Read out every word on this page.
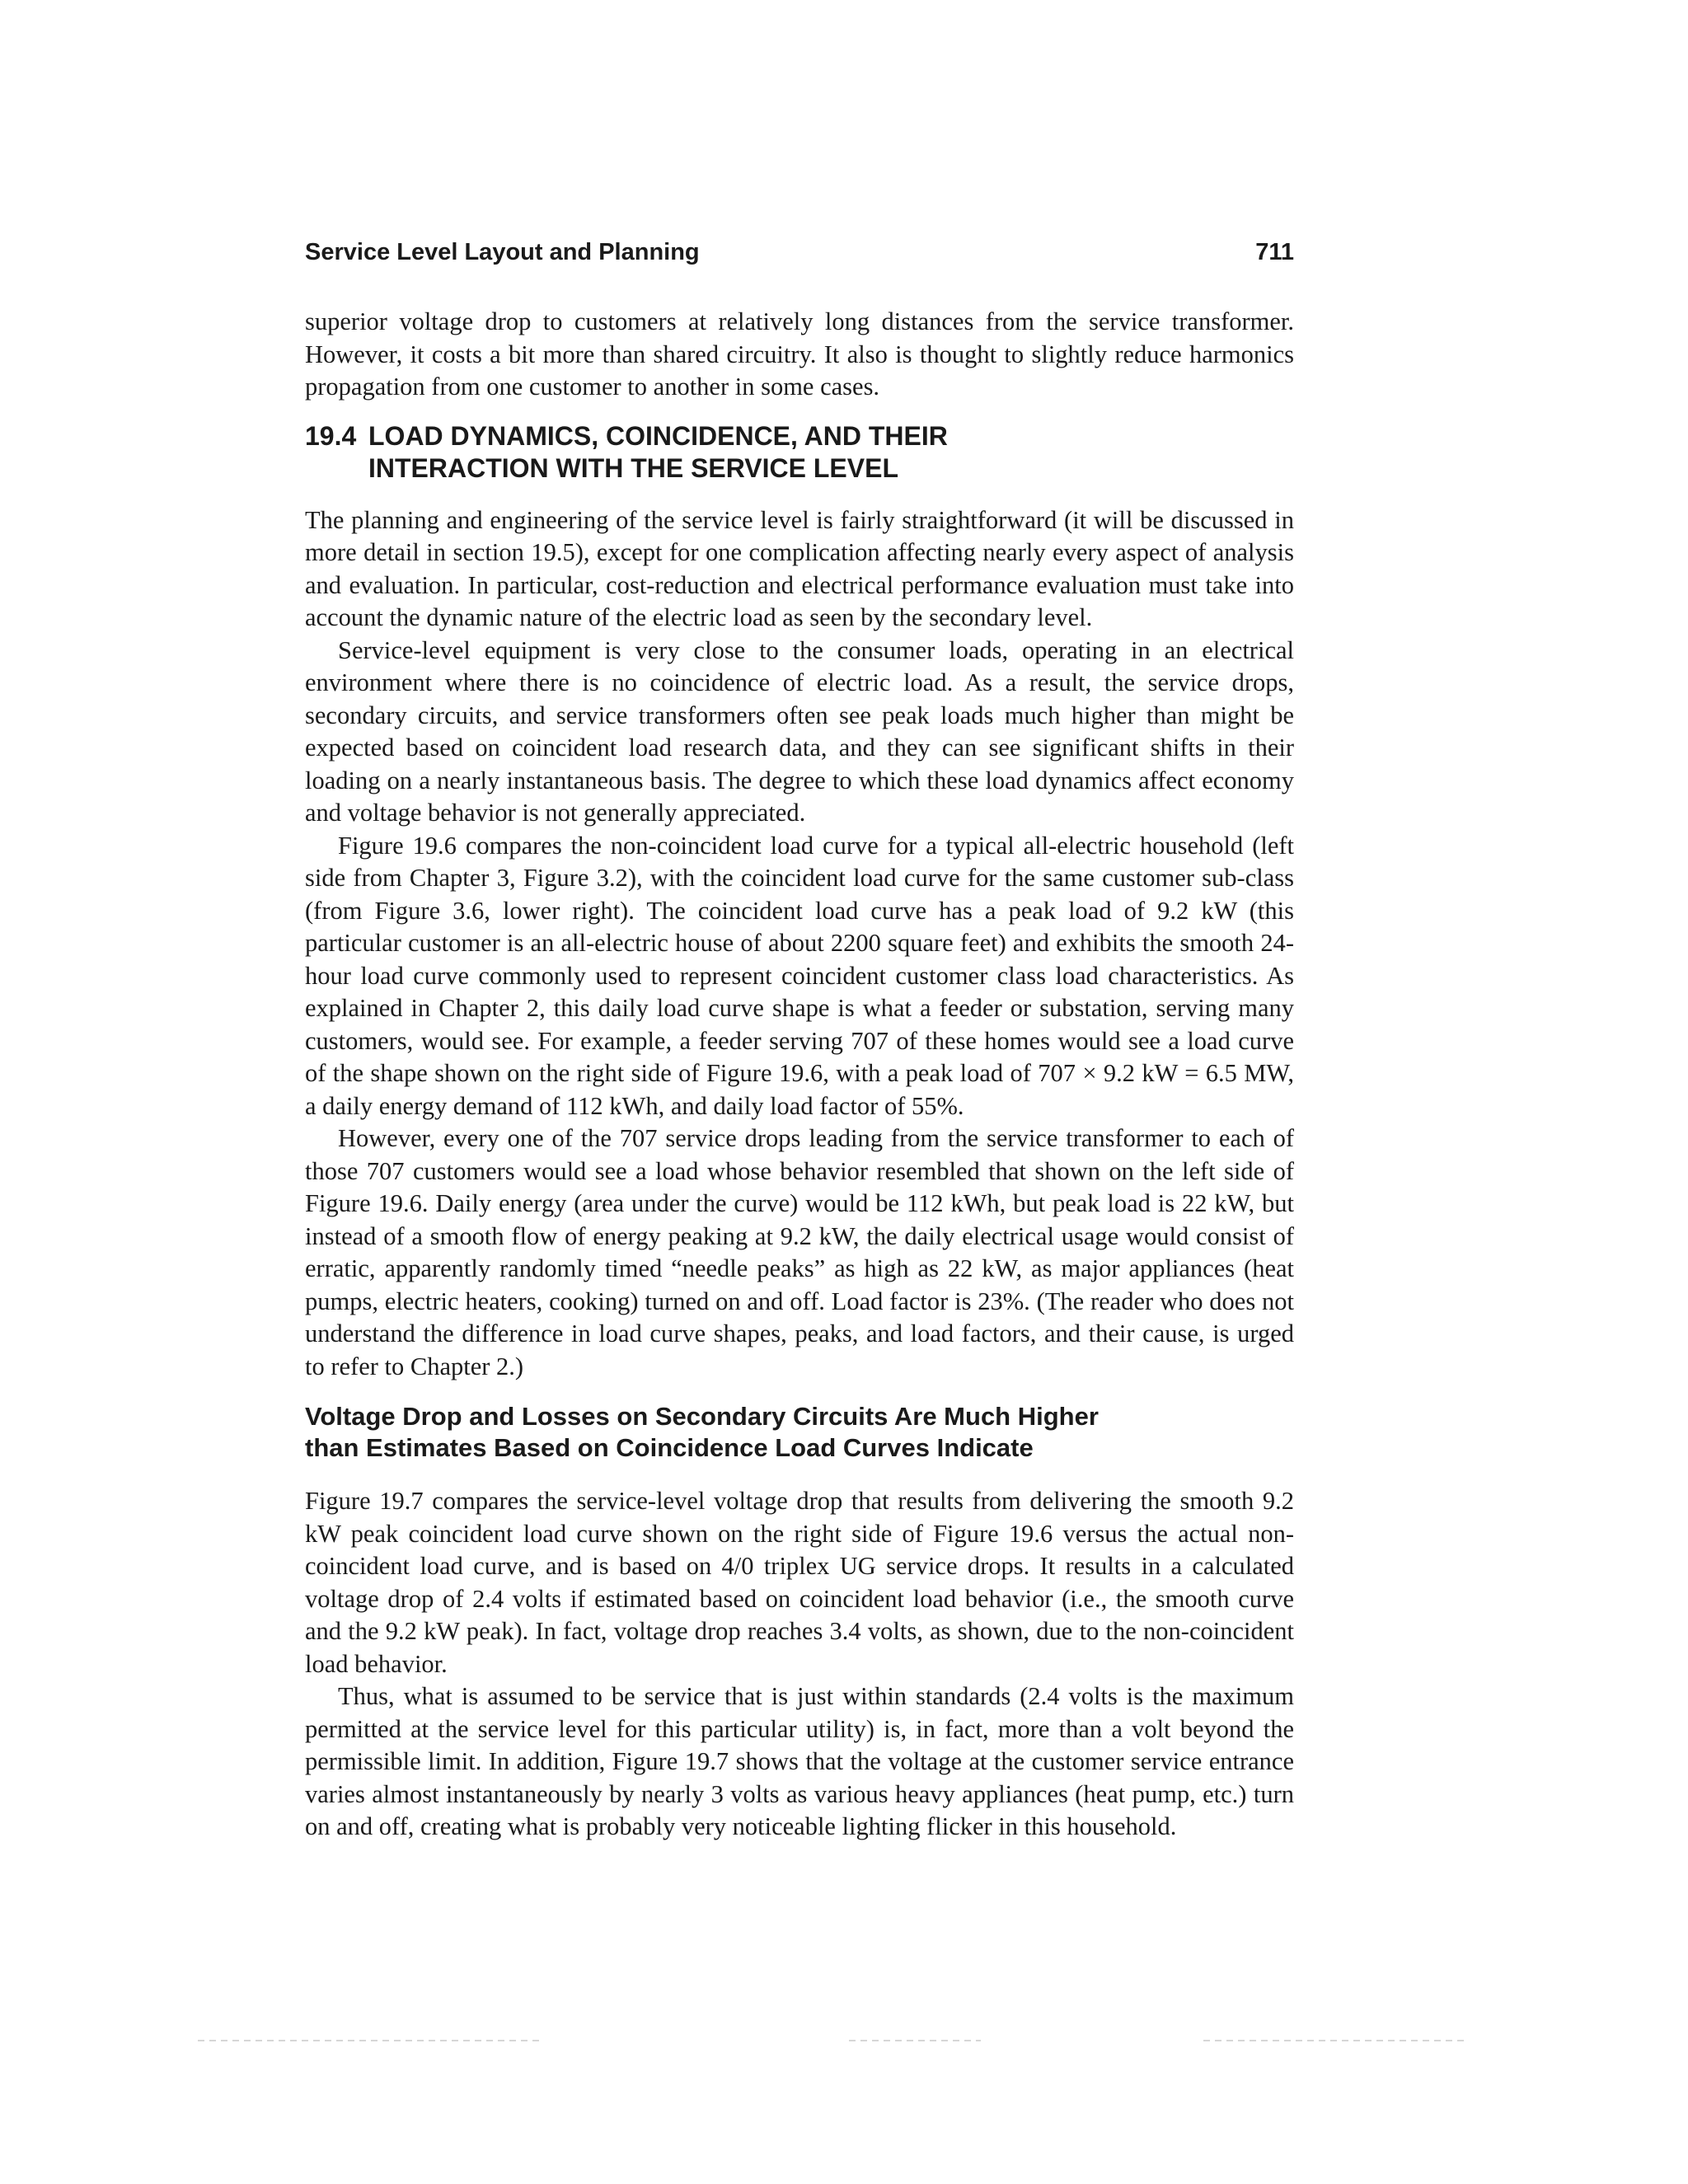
Service Level Layout and Planning	711

superior voltage drop to customers at relatively long distances from the service transformer. However, it costs a bit more than shared circuitry. It also is thought to slightly reduce harmonics propagation from one customer to another in some cases.

19.4 LOAD DYNAMICS, COINCIDENCE, AND THEIR
INTERACTION WITH THE SERVICE LEVEL

The planning and engineering of the service level is fairly straightforward (it will be discussed in more detail in section 19.5), except for one complication affecting nearly every aspect of analysis and evaluation. In particular, cost-reduction and electrical performance evaluation must take into account the dynamic nature of the electric load as seen by the secondary level.

Service-level equipment is very close to the consumer loads, operating in an electrical environment where there is no coincidence of electric load. As a result, the service drops, secondary circuits, and service transformers often see peak loads much higher than might be expected based on coincident load research data, and they can see significant shifts in their loading on a nearly instantaneous basis. The degree to which these load dynamics affect economy and voltage behavior is not generally appreciated.

Figure 19.6 compares the non-coincident load curve for a typical all-electric household (left side from Chapter 3, Figure 3.2), with the coincident load curve for the same customer sub-class (from Figure 3.6, lower right). The coincident load curve has a peak load of 9.2 kW (this particular customer is an all-electric house of about 2200 square feet) and exhibits the smooth 24-hour load curve commonly used to represent coincident customer class load characteristics. As explained in Chapter 2, this daily load curve shape is what a feeder or substation, serving many customers, would see. For example, a feeder serving 707 of these homes would see a load curve of the shape shown on the right side of Figure 19.6, with a peak load of 707 × 9.2 kW = 6.5 MW, a daily energy demand of 112 kWh, and daily load factor of 55%.

However, every one of the 707 service drops leading from the service transformer to each of those 707 customers would see a load whose behavior resembled that shown on the left side of Figure 19.6. Daily energy (area under the curve) would be 112 kWh, but peak load is 22 kW, but instead of a smooth flow of energy peaking at 9.2 kW, the daily electrical usage would consist of erratic, apparently randomly timed “needle peaks” as high as 22 kW, as major appliances (heat pumps, electric heaters, cooking) turned on and off. Load factor is 23%. (The reader who does not understand the difference in load curve shapes, peaks, and load factors, and their cause, is urged to refer to Chapter 2.)

Voltage Drop and Losses on Secondary Circuits Are Much Higher
than Estimates Based on Coincidence Load Curves Indicate

Figure 19.7 compares the service-level voltage drop that results from delivering the smooth 9.2 kW peak coincident load curve shown on the right side of Figure 19.6 versus the actual non-coincident load curve, and is based on 4/0 triplex UG service drops. It results in a calculated voltage drop of 2.4 volts if estimated based on coincident load behavior (i.e., the smooth curve and the 9.2 kW peak). In fact, voltage drop reaches 3.4 volts, as shown, due to the non-coincident load behavior.

Thus, what is assumed to be service that is just within standards (2.4 volts is the maximum permitted at the service level for this particular utility) is, in fact, more than a volt beyond the permissible limit. In addition, Figure 19.7 shows that the voltage at the customer service entrance varies almost instantaneously by nearly 3 volts as various heavy appliances (heat pump, etc.) turn on and off, creating what is probably very noticeable lighting flicker in this household.
